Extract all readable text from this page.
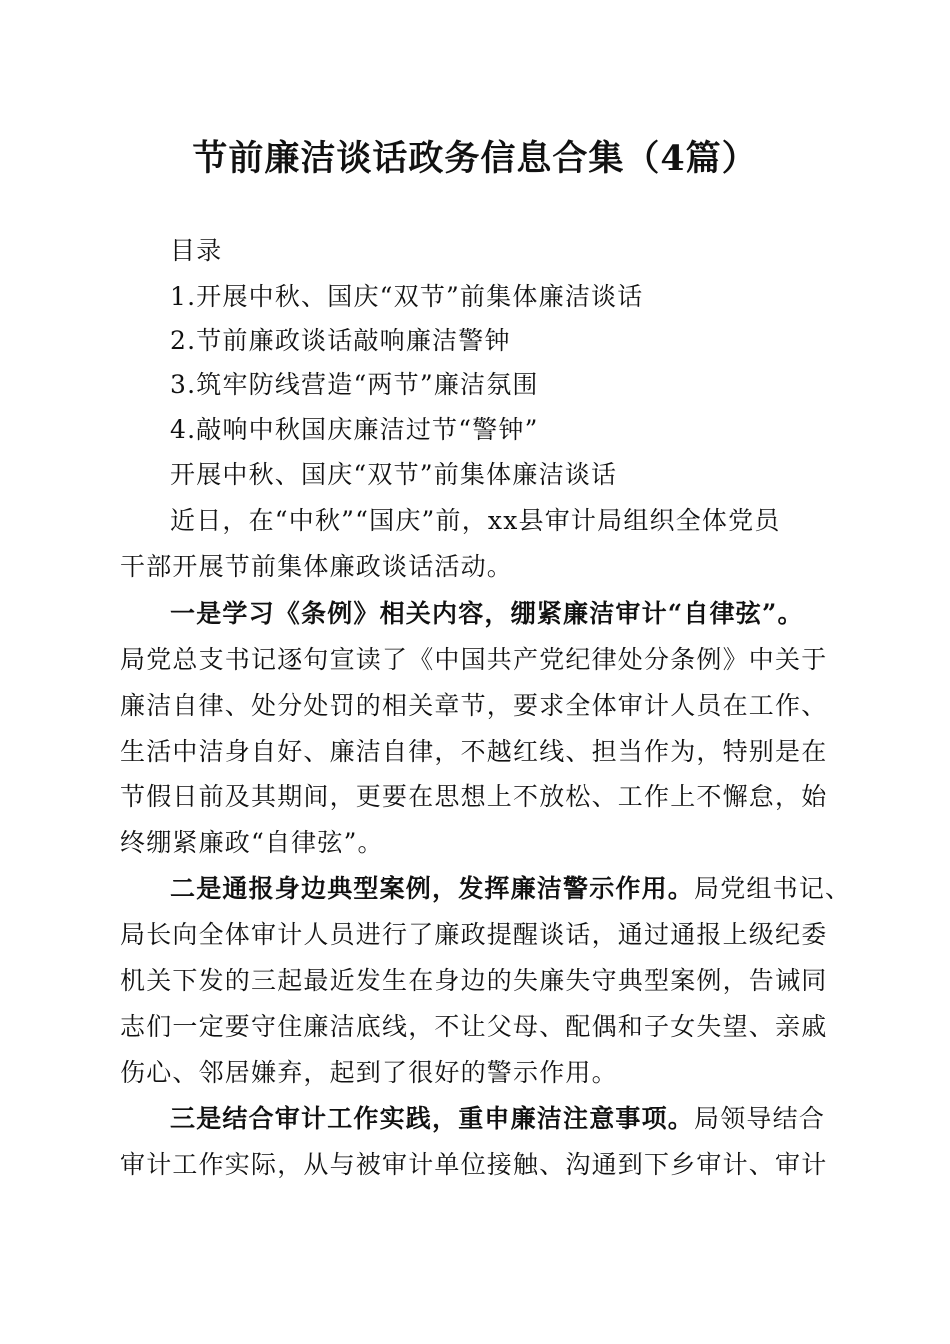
节前廉洁谈话政务信息合集（4篇）
目录
1.开展中秋、国庆“双节”前集体廉洁谈话
2.节前廉政谈话敲响廉洁警钟
3.筑牢防线营造“两节”廉洁氛围
4.敲响中秋国庆廉洁过节“警钟”
开展中秋、国庆“双节”前集体廉洁谈话
近日，在“中秋”“国庆”前，xx县审计局组织全体党员
干部开展节前集体廉政谈话活动。
一是学习《条例》相关内容，绷紧廉洁审计“自律弦”。
局党总支书记逐句宣读了《中国共产党纪律处分条例》中关于
廉洁自律、处分处罚的相关章节，要求全体审计人员在工作、
生活中洁身自好、廉洁自律，不越红线、担当作为，特别是在
节假日前及其期间，更要在思想上不放松、工作上不懈怠，始
终绷紧廉政“自律弦”。
二是通报身边典型案例，发挥廉洁警示作用。局党组书记、
局长向全体审计人员进行了廉政提醒谈话，通过通报上级纪委
机关下发的三起最近发生在身边的失廉失守典型案例，告诫同
志们一定要守住廉洁底线，不让父母、配偶和子女失望、亲戚
伤心、邻居嫌弃，起到了很好的警示作用。
三是结合审计工作实践，重申廉洁注意事项。局领导结合
审计工作实际，从与被审计单位接触、沟通到下乡审计、审计
